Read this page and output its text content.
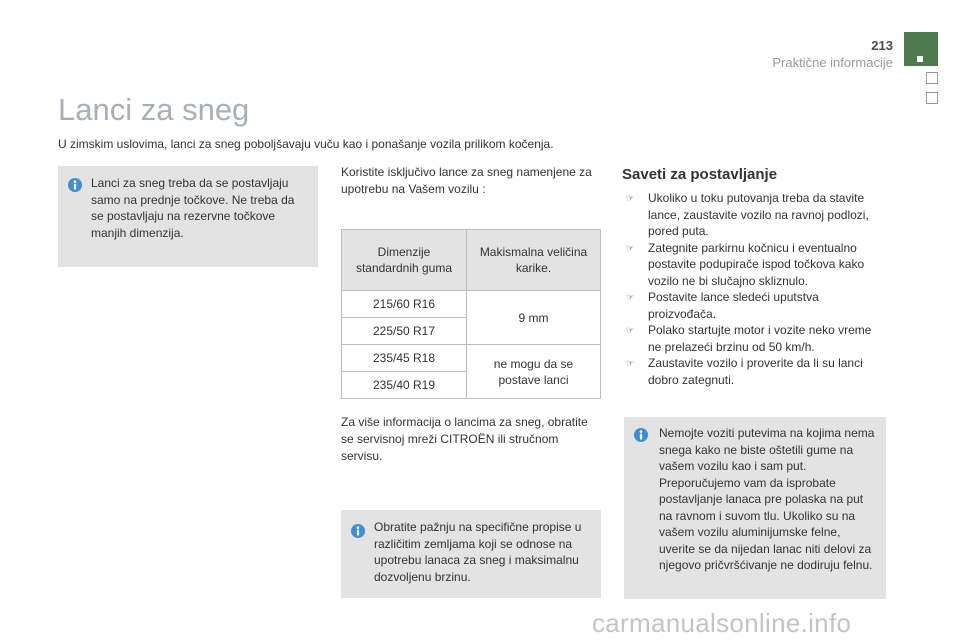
213
Praktične informacije
Lanci za sneg
U zimskim uslovima, lanci za sneg poboljšavaju vuču kao i ponašanje vozila prilikom kočenja.
Lanci za sneg treba da se postavljaju samo na prednje točkove. Ne treba da se postavljaju na rezervne točkove manjih dimenzija.
Koristite isključivo lance za sneg namenjene za upotrebu na Vašem vozilu :
Dimenzije standardnih guma	Makismalna veličina karike.
215/60 R16	9 mm
225/50 R17	
235/45 R18	ne mogu da se postave lanci
235/40 R19	
Za više informacija o lancima za sneg, obratite se servisnoj mreži CITROËN ili stručnom servisu.
Obratite pažnju na specifične propise u različitim zemljama koji se odnose na upotrebu lanaca za sneg i maksimalnu dozvoljenu brzinu.
Saveti za postavljanje
☞ Ukoliko u toku putovanja treba da stavite lance, zaustavite vozilo na ravnoj podlozi, pored puta.
☞ Zategnite parkirnu kočnicu i eventualno postavite podupirače ispod točkova kako vozilo ne bi slučajno skliznulo.
☞ Postavite lance sledeći uputstva proizvođača.
☞ Polako startujte motor i vozite neko vreme ne prelazeći brzinu od 50 km/h.
☞ Zaustavite vozilo i proverite da li su lanci dobro zategnuti.
Nemojte voziti putevima na kojima nema snega kako ne biste oštetili gume na vašem vozilu kao i sam put. Preporučujemo vam da isprobate postavljanje lanaca pre polaska na put na ravnom i suvom tlu. Ukoliko su na vašem vozilu aluminijumske felne, uverite se da nijedan lanac niti delovi za njegovo pričvršćivanje ne dodiruju felnu.
carmanualsonline.info
